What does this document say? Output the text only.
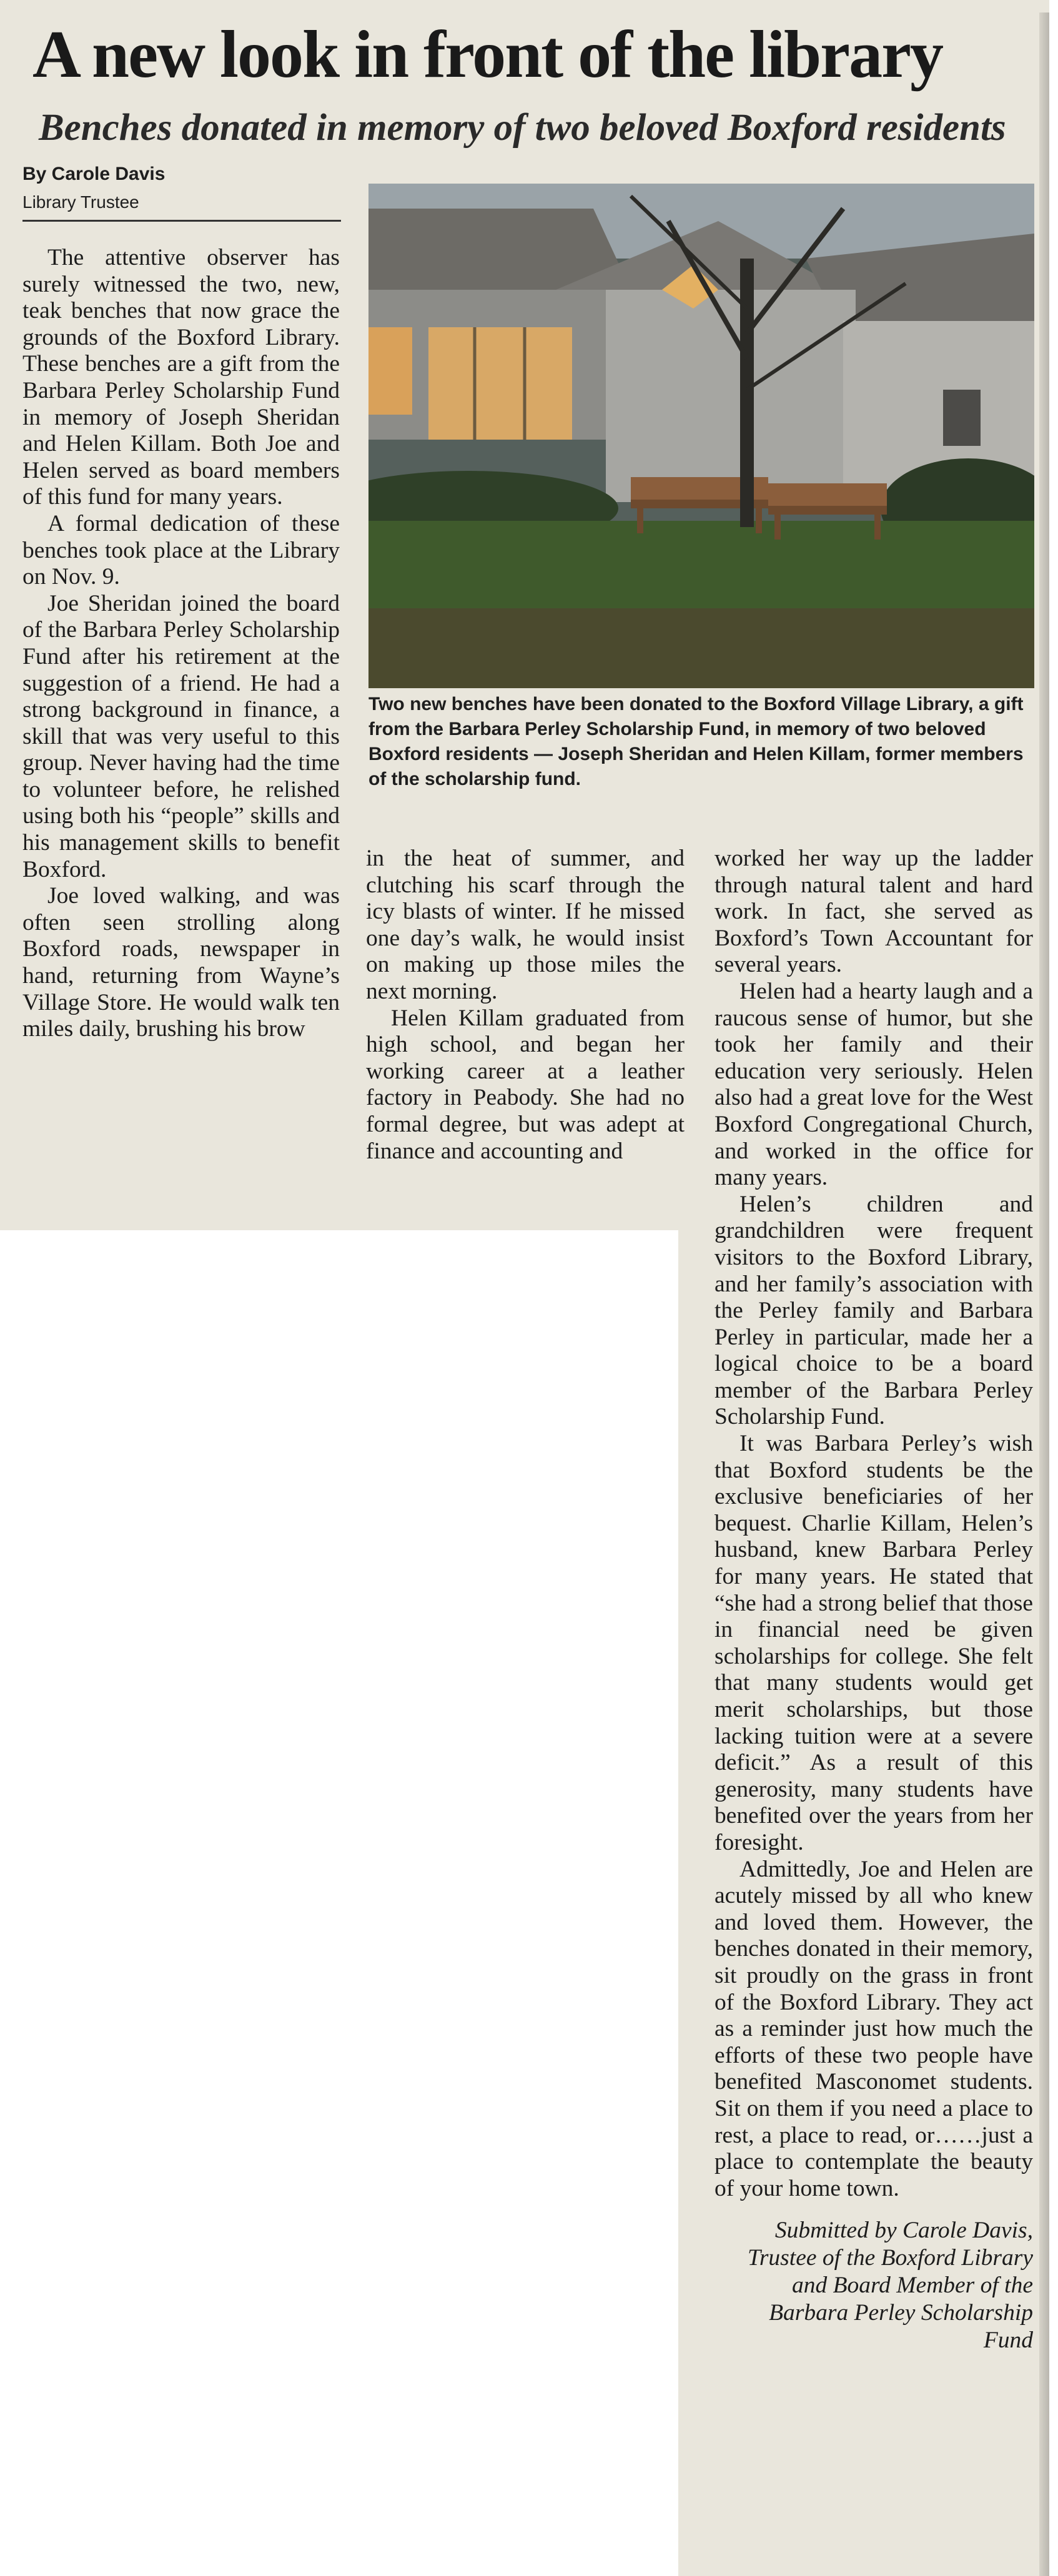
A new look in front of the library
Benches donated in memory of two beloved Boxford residents
By Carole Davis
Library Trustee

The attentive observer has surely witnessed the two, new, teak benches that now grace the grounds of the Boxford Library. These benches are a gift from the Barbara Perley Scholarship Fund in memory of Joseph Sheridan and Helen Killam. Both Joe and Helen served as board members of this fund for many years.

A formal dedication of these benches took place at the Library on Nov. 9.

Joe Sheridan joined the board of the Barbara Perley Scholarship Fund after his retirement at the suggestion of a friend. He had a strong background in finance, a skill that was very useful to this group. Never having had the time to volunteer before, he relished using both his “people” skills and his management skills to benefit Boxford.

Joe loved walking, and was often seen strolling along Boxford roads, newspaper in hand, returning from Wayne’s Village Store. He would walk ten miles daily, brushing his brow

Two new benches have been donated to the Boxford Village Library, a gift from the Barbara Perley Scholarship Fund, in memory of two beloved Boxford residents — Joseph Sheridan and Helen Killam, former members of the scholarship fund.

in the heat of summer, and clutching his scarf through the icy blasts of winter. If he missed one day’s walk, he would insist on making up those miles the next morning.

Helen Killam graduated from high school, and began her working career at a leather factory in Peabody. She had no formal degree, but was adept at finance and accounting and

worked her way up the ladder through natural talent and hard work. In fact, she served as Boxford’s Town Accountant for several years.

Helen had a hearty laugh and a raucous sense of humor, but she took her family and their education very seriously. Helen also had a great love for the West Boxford Congregational Church, and worked in the office for many years.

Helen’s children and grandchildren were frequent visitors to the Boxford Library, and her family’s association with the Perley family and Barbara Perley in particular, made her a logical choice to be a board member of the Barbara Perley Scholarship Fund.

It was Barbara Perley’s wish that Boxford students be the exclusive beneficiaries of her bequest. Charlie Killam, Helen’s husband, knew Barbara Perley for many years. He stated that “she had a strong belief that those in financial need be given scholarships for college. She felt that many students would get merit scholarships, but those lacking tuition were at a severe deficit.” As a result of this generosity, many students have benefited over the years from her foresight.

Admittedly, Joe and Helen are acutely missed by all who knew and loved them. However, the benches donated in their memory, sit proudly on the grass in front of the Boxford Library. They act as a reminder just how much the efforts of these two people have benefited Masconomet students. Sit on them if you need a place to rest, a place to read, or……just a place to contemplate the beauty of your home town.

Submitted by Carole Davis, Trustee of the Boxford Library and Board Member of the Barbara Perley Scholarship Fund
